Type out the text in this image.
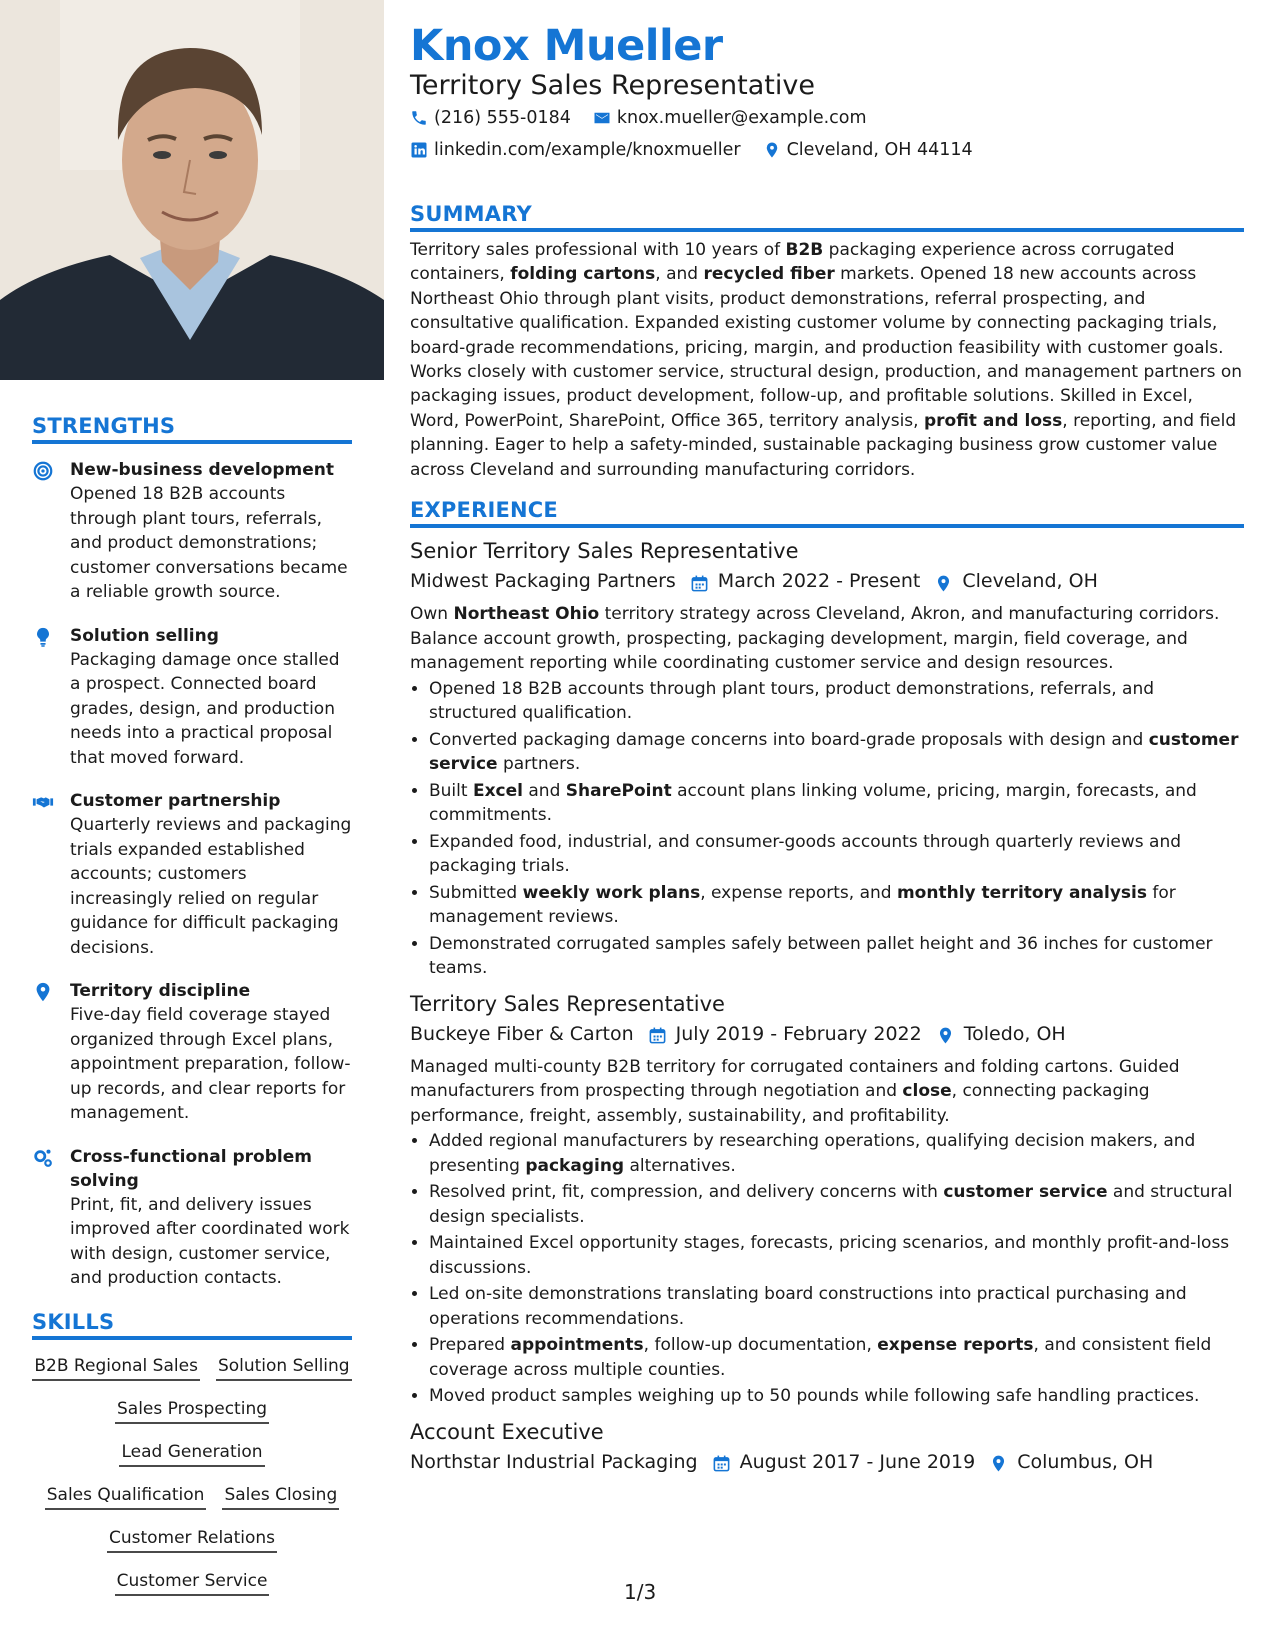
STRENGTHS
New-business development
Opened 18 B2B accounts through plant tours, referrals, and product demonstrations; customer conversations became a reliable growth source.
Solution selling
Packaging damage once stalled a prospect. Connected board grades, design, and production needs into a practical proposal that moved forward.
Customer partnership
Quarterly reviews and packaging trials expanded established accounts; customers increasingly relied on regular guidance for difficult packaging decisions.
Territory discipline
Five-day field coverage stayed organized through Excel plans, appointment preparation, follow-up records, and clear reports for management.
Cross-functional problem solving
Print, fit, and delivery issues improved after coordinated work with design, customer service, and production contacts.
SKILLS
B2B Regional Sales Solution Selling
Sales Prospecting
Lead Generation
Sales Qualification Sales Closing
Customer Relations
Customer Service
Knox Mueller
Territory Sales Representative
(216) 555-0184	knox.mueller@example.com
linkedin.com/example/knoxmueller	Cleveland, OH 44114
SUMMARY
Territory sales professional with 10 years of B2B packaging experience across corrugated containers, folding cartons, and recycled fiber markets. Opened 18 new accounts across Northeast Ohio through plant visits, product demonstrations, referral prospecting, and consultative qualification. Expanded existing customer volume by connecting packaging trials, board-grade recommendations, pricing, margin, and production feasibility with customer goals. Works closely with customer service, structural design, production, and management partners on packaging issues, product development, follow-up, and profitable solutions. Skilled in Excel, Word, PowerPoint, SharePoint, Office 365, territory analysis, profit and loss, reporting, and field planning. Eager to help a safety-minded, sustainable packaging business grow customer value across Cleveland and surrounding manufacturing corridors.
EXPERIENCE
Senior Territory Sales Representative
Midwest Packaging Partners March 2022 - Present Cleveland, OH
Own Northeast Ohio territory strategy across Cleveland, Akron, and manufacturing corridors. Balance account growth, prospecting, packaging development, margin, field coverage, and management reporting while coordinating customer service and design resources.
• Opened 18 B2B accounts through plant tours, product demonstrations, referrals, and structured qualification.
• Converted packaging damage concerns into board-grade proposals with design and customer service partners.
• Built Excel and SharePoint account plans linking volume, pricing, margin, forecasts, and commitments.
• Expanded food, industrial, and consumer-goods accounts through quarterly reviews and packaging trials.
• Submitted weekly work plans, expense reports, and monthly territory analysis for management reviews.
• Demonstrated corrugated samples safely between pallet height and 36 inches for customer teams.
Territory Sales Representative
Buckeye Fiber & Carton July 2019 - February 2022 Toledo, OH
Managed multi-county B2B territory for corrugated containers and folding cartons. Guided manufacturers from prospecting through negotiation and close, connecting packaging performance, freight, assembly, sustainability, and profitability.
• Added regional manufacturers by researching operations, qualifying decision makers, and presenting packaging alternatives.
• Resolved print, fit, compression, and delivery concerns with customer service and structural design specialists.
• Maintained Excel opportunity stages, forecasts, pricing scenarios, and monthly profit-and-loss discussions.
• Led on-site demonstrations translating board constructions into practical purchasing and operations recommendations.
• Prepared appointments, follow-up documentation, expense reports, and consistent field coverage across multiple counties.
• Moved product samples weighing up to 50 pounds while following safe handling practices.
Account Executive
Northstar Industrial Packaging August 2017 - June 2019 Columbus, OH
1/3
